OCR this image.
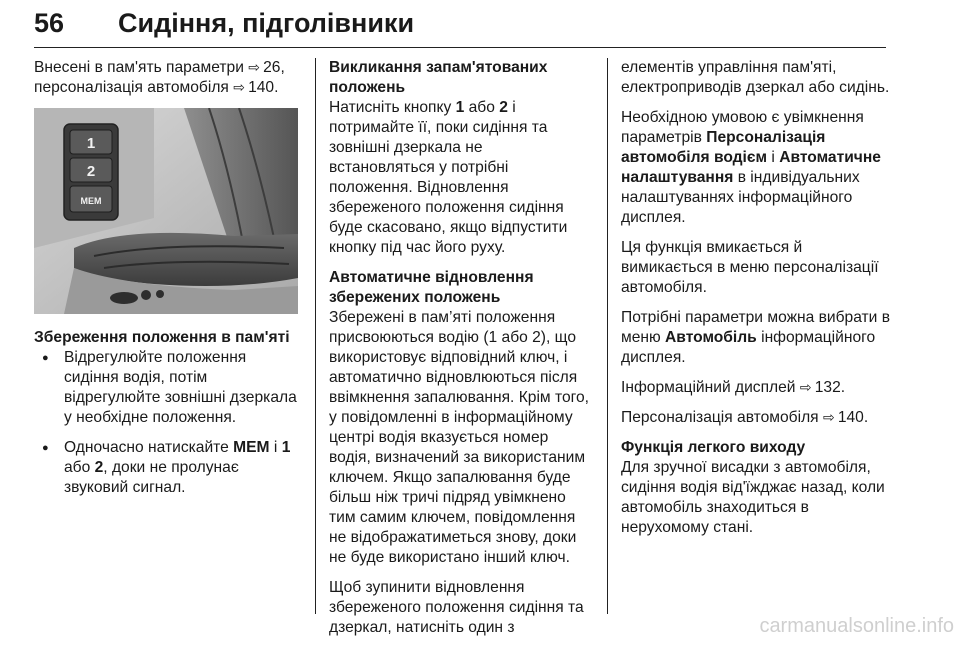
56 Сидіння, підголівники

Внесені в пам'ять параметри ⇨  26, персоналізація автомобіля ⇨  140.

1
2
MEM
Збереження положення в пам'яті
● Відрегулюйте положення сидіння водія, потім відрегулюйте зовнішні дзеркала у необхідне положення.
● Одночасно натискайте MEM і 1 або 2, доки не пролунає звуковий сигнал.
Викликання запам'ятованих положень

Натисніть кнопку 1 або 2 і потримайте її, поки сидіння та зовнішні дзеркала не встановляться у потрібні положення. Відновлення збереженого положення сидіння буде скасовано, якщо відпустити кнопку під час його руху.

Автоматичне відновлення збережених положень

Збережені в пам’яті положення присвоюються водію (1 або 2), що використовує відповідний ключ, і автоматично відновлюються після ввімкнення запалювання. Крім того, у повідомленні в інформаційному центрі водія вказується номер водія, визначений за використаним ключем. Якщо запалювання буде більш ніж тричі підряд увімкнено тим самим ключем, повідомлення не відображатиметься знову, доки не буде використано інший ключ.

Щоб зупинити відновлення збереженого положення сидіння та дзеркал, натисніть один з

елементів управління пам'яті, електроприводів дзеркал або сидінь.

Необхідною умовою є увімкнення параметрів Персоналізація автомобіля водієм і Автоматичне налаштування в індивідуальних налаштуваннях інформаційного дисплея.

Ця функція вмикається й вимикається в меню персоналізації автомобіля.

Потрібні параметри можна вибрати в меню Автомобіль інформаційного дисплея.

Інформаційний дисплей ⇨  132.

Персоналізація автомобіля ⇨  140.

Функція легкого виходу

Для зручної висадки з автомобіля, сидіння водія від'їжджає назад, коли автомобіль знаходиться в нерухомому стані.

carmanualsonline.info
